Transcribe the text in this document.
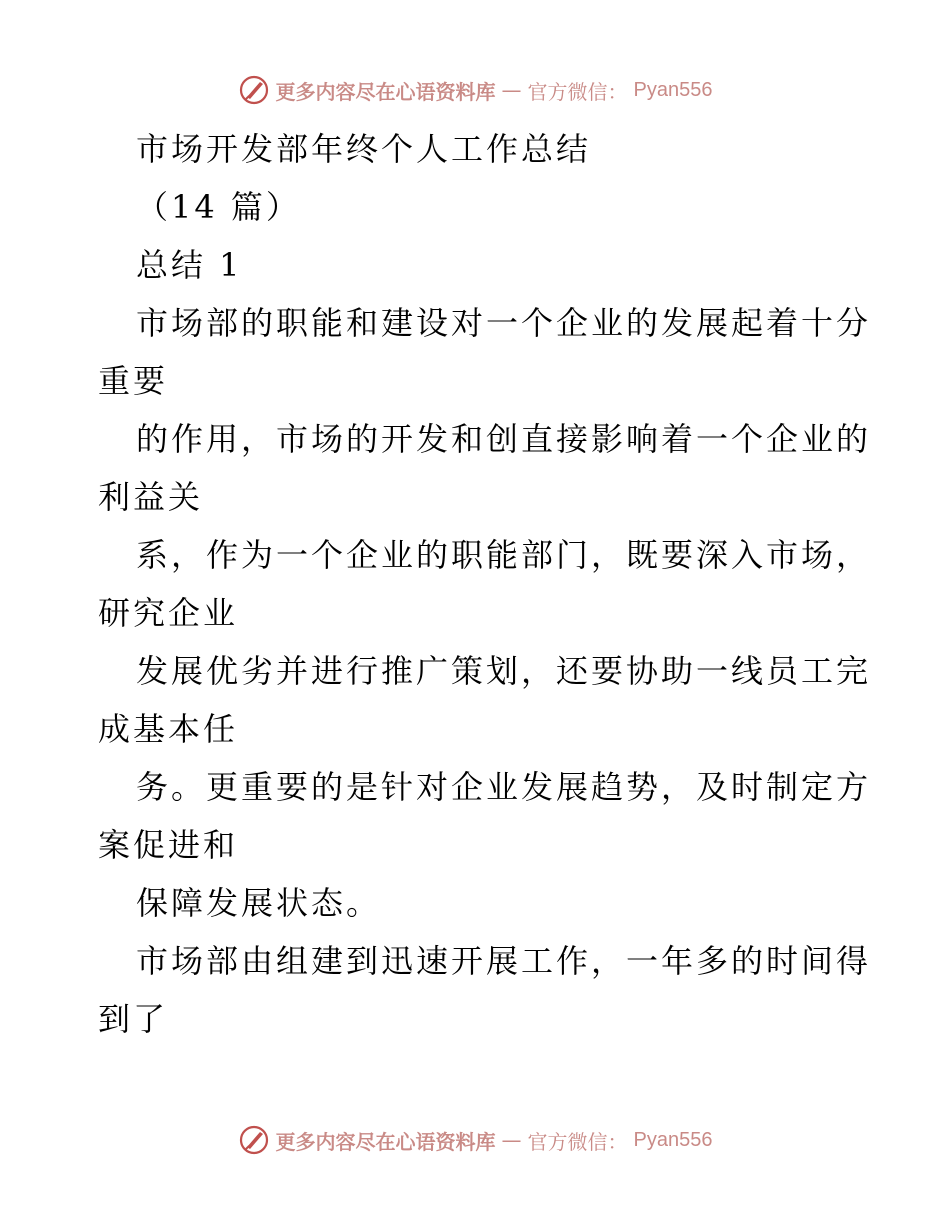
更多内容尽在心语资料库 — 官方微信： Pyan556
市场开发部年终个人工作总结
（14 篇）
总结 1
市场部的职能和建设对一个企业的发展起着十分
重要
的作用，市场的开发和创直接影响着一个企业的
利益关
系，作为一个企业的职能部门，既要深入市场，
研究企业
发展优劣并进行推广策划，还要协助一线员工完
成基本任
务。更重要的是针对企业发展趋势，及时制定方
案促进和
保障发展状态。
市场部由组建到迅速开展工作，一年多的时间得
到了
更多内容尽在心语资料库 — 官方微信： Pyan556
